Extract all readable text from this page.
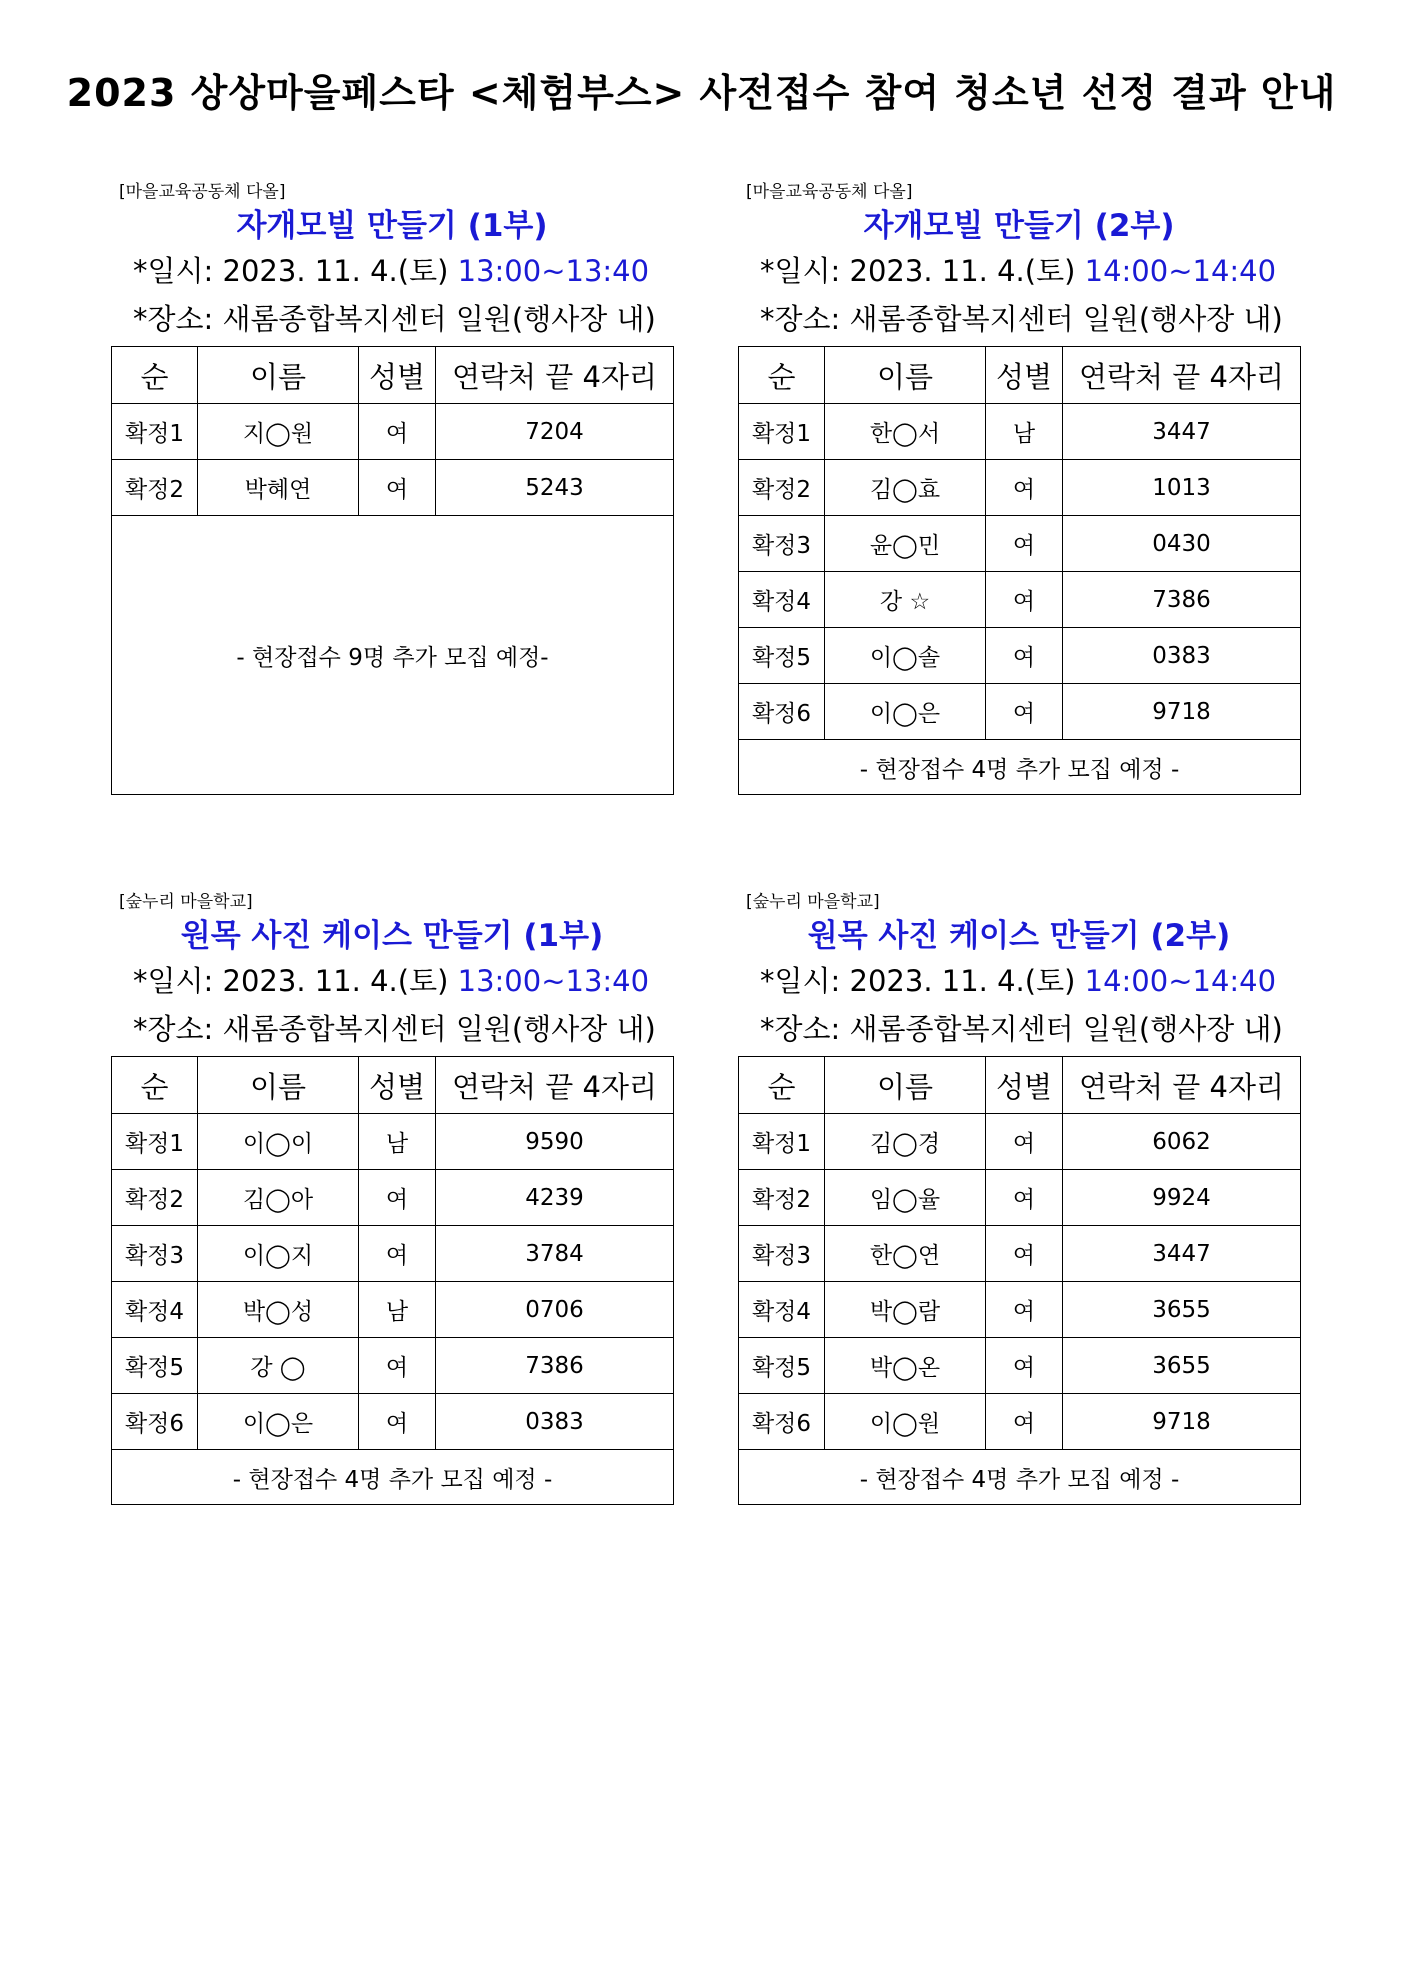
2023 상상마을페스타 <체험부스> 사전접수 참여 청소년 선정 결과 안내
[마을교육공동체 다올]
자개모빌 만들기 (1부)
*일시: 2023. 11. 4.(토) 13:00~13:40
*장소: 새롬종합복지센터 일원(행사장 내)
순	이름	성별	연락처 끝 4자리
확정1	지◯원	여	7204
확정2	박혜연	여	5243
- 현장접수 9명 추가 모집 예정-			
[마을교육공동체 다올]
자개모빌 만들기 (2부)
*일시: 2023. 11. 4.(토) 14:00~14:40
*장소: 새롬종합복지센터 일원(행사장 내)
순	이름	성별	연락처 끝 4자리
확정1	한◯서	남	3447
확정2	김◯효	여	1013
확정3	윤◯민	여	0430
확정4	강 ☆	여	7386
확정5	이◯솔	여	0383
확정6	이◯은	여	9718
- 현장접수 4명 추가 모집 예정 -			
[숲누리 마을학교]
원목 사진 케이스 만들기 (1부)
*일시: 2023. 11. 4.(토) 13:00~13:40
*장소: 새롬종합복지센터 일원(행사장 내)
순	이름	성별	연락처 끝 4자리
확정1	이◯이	남	9590
확정2	김◯아	여	4239
확정3	이◯지	여	3784
확정4	박◯성	남	0706
확정5	강 ◯	여	7386
확정6	이◯은	여	0383
- 현장접수 4명 추가 모집 예정 -			
[숲누리 마을학교]
원목 사진 케이스 만들기 (2부)
*일시: 2023. 11. 4.(토) 14:00~14:40
*장소: 새롬종합복지센터 일원(행사장 내)
순	이름	성별	연락처 끝 4자리
확정1	김◯경	여	6062
확정2	임◯율	여	9924
확정3	한◯연	여	3447
확정4	박◯람	여	3655
확정5	박◯온	여	3655
확정6	이◯원	여	9718
- 현장접수 4명 추가 모집 예정 -			
